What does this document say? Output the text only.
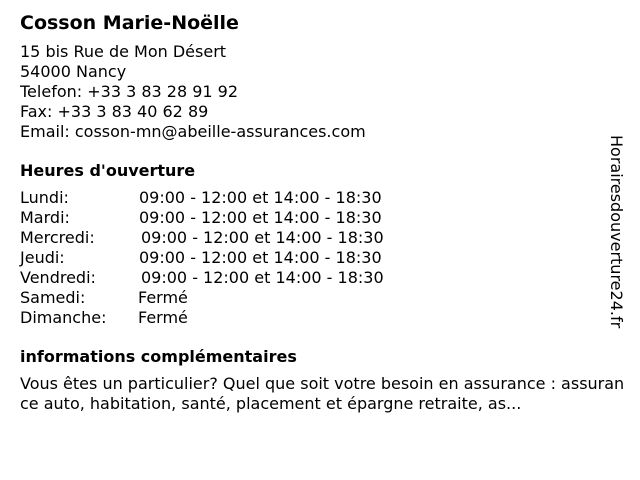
Cosson Marie-Noëlle
15 bis Rue de Mon Désert
54000 Nancy
Telefon: +33 3 83 28 91 92
Fax: +33 3 83 40 62 89
Email: cosson-mn@abeille-assurances.com
Heures d'ouverture
Lundi:	09:00 - 12:00 et 14:00 - 18:30
Mardi:	09:00 - 12:00 et 14:00 - 18:30
Mercredi:	09:00 - 12:00 et 14:00 - 18:30
Jeudi:	09:00 - 12:00 et 14:00 - 18:30
Vendredi:	09:00 - 12:00 et 14:00 - 18:30
Samedi:	Fermé
Dimanche: Fermé
informations complémentaires
Vous êtes un particulier? Quel que soit votre besoin en assurance : assurance auto, habitation, santé, placement et épargne retraite, as...
Horairesdouverture24.fr
